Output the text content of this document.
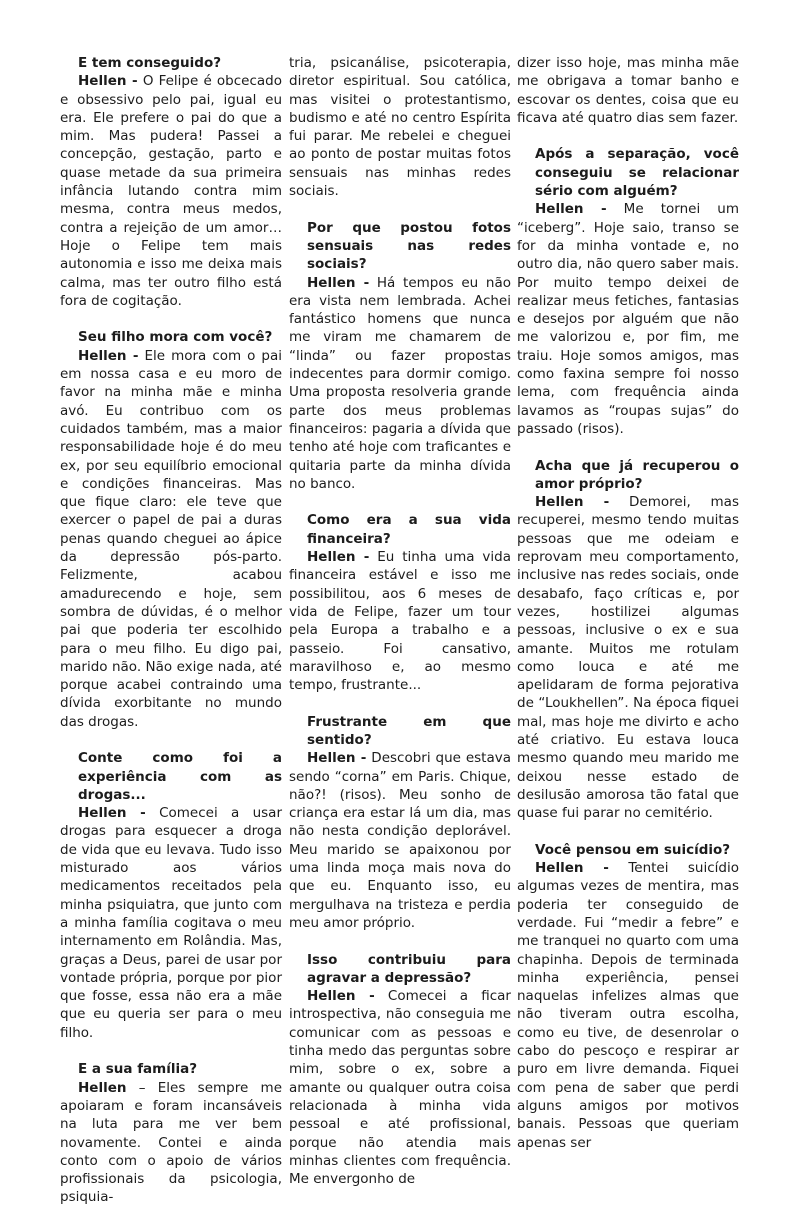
E tem conseguido?

Hellen - O Felipe é obcecado e obsessivo pelo pai, igual eu era. Ele prefere o pai do que a mim. Mas pudera! Passei a concepção, gestação, parto e quase metade da sua primeira infância lutando contra mim mesma, contra meus medos, contra a rejeição de um amor… Hoje o Felipe tem mais autonomia e isso me deixa mais calma, mas ter outro filho está fora de cogitação.

Seu filho mora com você?

Hellen - Ele mora com o pai em nossa casa e eu moro de favor na minha mãe e minha avó. Eu contribuo com os cuidados também, mas a maior responsabilidade hoje é do meu ex, por seu equilíbrio emocional e condições financeiras. Mas que fique claro: ele teve que exercer o papel de pai a duras penas quando cheguei ao ápice da depressão pós-parto. Felizmente, acabou amadurecendo e hoje, sem sombra de dúvidas, é o melhor pai que poderia ter escolhido para o meu filho. Eu digo pai, marido não. Não exige nada, até porque acabei contraindo uma dívida exorbitante no mundo das drogas.

Conte como foi a experiência com as drogas...

Hellen - Comecei a usar drogas para esquecer a droga de vida que eu levava. Tudo isso misturado aos vários medicamentos receitados pela minha psiquiatra, que junto com a minha família cogitava o meu internamento em Rolândia. Mas, graças a Deus, parei de usar por vontade própria, porque por pior que fosse, essa não era a mãe que eu queria ser para o meu filho.

E a sua família?

Hellen – Eles sempre me apoiaram e foram incansáveis na luta para me ver bem novamente. Contei e ainda conto com o apoio de vários profissionais da psicologia, psiquia-

tria, psicanálise, psicoterapia, diretor espiritual. Sou católica, mas visitei o protestantismo, budismo e até no centro Espírita fui parar. Me rebelei e cheguei ao ponto de postar muitas fotos sensuais nas minhas redes sociais.

Por que postou fotos sensuais nas redes sociais?

Hellen - Há tempos eu não era vista nem lembrada. Achei fantástico homens que nunca me viram me chamarem de “linda” ou fazer propostas indecentes para dormir comigo. Uma proposta resolveria grande parte dos meus problemas financeiros: pagaria a dívida que tenho até hoje com traficantes e quitaria parte da minha dívida no banco.

Como era a sua vida financeira?

Hellen - Eu tinha uma vida financeira estável e isso me possibilitou, aos 6 meses de vida de Felipe, fazer um tour pela Europa a trabalho e a passeio. Foi cansativo, maravilhoso e, ao mesmo tempo, frustrante...

Frustrante em que sentido?

Hellen - Descobri que estava sendo “corna” em Paris. Chique, não?! (risos). Meu sonho de criança era estar lá um dia, mas não nesta condição deplorável. Meu marido se apaixonou por uma linda moça mais nova do que eu. Enquanto isso, eu mergulhava na tristeza e perdia meu amor próprio.

Isso contribuiu para agravar a depressão?

Hellen - Comecei a ficar introspectiva, não conseguia me comunicar com as pessoas e tinha medo das perguntas sobre mim, sobre o ex, sobre a amante ou qualquer outra coisa relacionada à minha vida pessoal e até profissional, porque não atendia mais minhas clientes com frequência. Me envergonho de

dizer isso hoje, mas minha mãe me obrigava a tomar banho e escovar os dentes, coisa que eu ficava até quatro dias sem fazer.

Após a separação, você conseguiu se relacionar sério com alguém?

Hellen - Me tornei um “iceberg”. Hoje saio, transo se for da minha vontade e, no outro dia, não quero saber mais. Por muito tempo deixei de realizar meus fetiches, fantasias e desejos por alguém que não me valorizou e, por fim, me traiu. Hoje somos amigos, mas como faxina sempre foi nosso lema, com frequência ainda lavamos as “roupas sujas” do passado (risos).

Acha que já recuperou o amor próprio?

Hellen - Demorei, mas recuperei, mesmo tendo muitas pessoas que me odeiam e reprovam meu comportamento, inclusive nas redes sociais, onde desabafo, faço críticas e, por vezes, hostilizei algumas pessoas, inclusive o ex e sua amante. Muitos me rotulam como louca e até me apelidaram de forma pejorativa de “Loukhellen”. Na época fiquei mal, mas hoje me divirto e acho até criativo. Eu estava louca mesmo quando meu marido me deixou nesse estado de desilusão amorosa tão fatal que quase fui parar no cemitério.

Você pensou em suicídio?

Hellen - Tentei suicídio algumas vezes de mentira, mas poderia ter conseguido de verdade. Fui “medir a febre” e me tranquei no quarto com uma chapinha. Depois de terminada minha experiência, pensei naquelas infelizes almas que não tiveram outra escolha, como eu tive, de desenrolar o cabo do pescoço e respirar ar puro em livre demanda. Fiquei com pena de saber que perdi alguns amigos por motivos banais. Pessoas que queriam apenas ser
